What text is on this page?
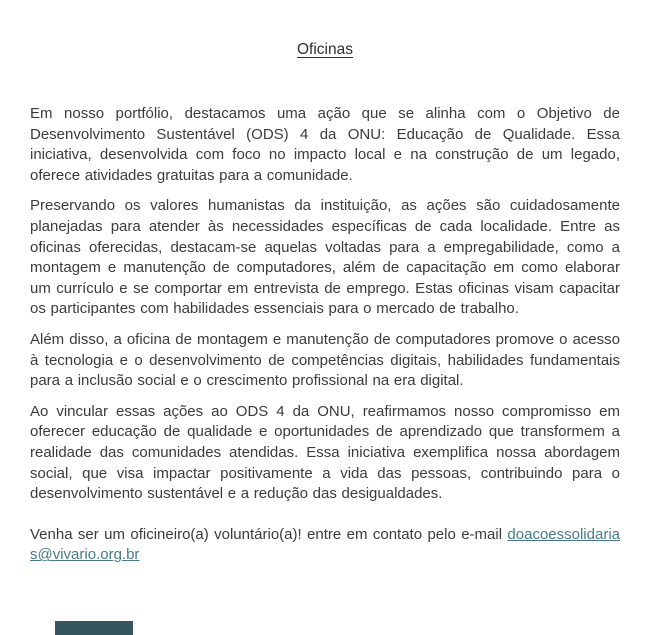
Oficinas

Em nosso portfólio, destacamos uma ação que se alinha com o Objetivo de Desenvolvimento Sustentável (ODS) 4 da ONU: Educação de Qualidade. Essa iniciativa, desenvolvida com foco no impacto local e na construção de um legado, oferece atividades gratuitas para a comunidade.

Preservando os valores humanistas da instituição, as ações são cuidadosamente planejadas para atender às necessidades específicas de cada localidade. Entre as oficinas oferecidas, destacam-se aquelas voltadas para a empregabilidade, como a montagem e manutenção de computadores, além de capacitação em como elaborar um currículo e se comportar em entrevista de emprego. Estas oficinas visam capacitar os participantes com habilidades essenciais para o mercado de trabalho.

Além disso, a oficina de montagem e manutenção de computadores promove o acesso à tecnologia e o desenvolvimento de competências digitais, habilidades fundamentais para a inclusão social e o crescimento profissional na era digital.

Ao vincular essas ações ao ODS 4 da ONU, reafirmamos nosso compromisso em oferecer educação de qualidade e oportunidades de aprendizado que transformem a realidade das comunidades atendidas. Essa iniciativa exemplifica nossa abordagem social, que visa impactar positivamente a vida das pessoas, contribuindo para o desenvolvimento sustentável e a redução das desigualdades.

Venha ser um oficineiro(a) voluntário(a)! entre em contato pelo e-mail doacoessolidarias@vivario.org.br
